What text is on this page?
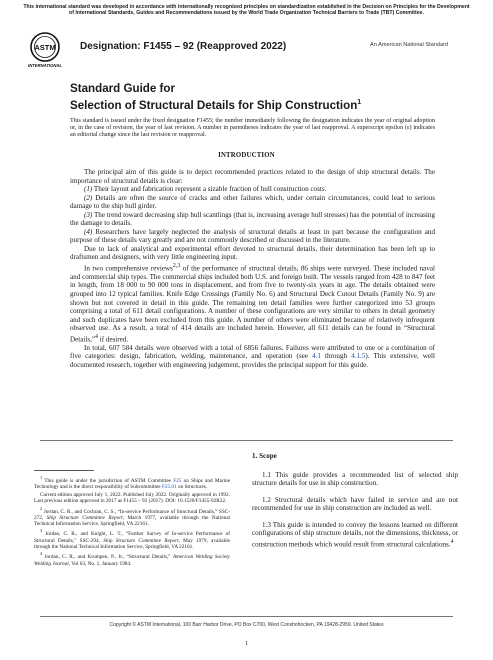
This international standard was developed in accordance with internationally recognized principles on standardization established in the Decision on Principles for the Development of International Standards, Guides and Recommendations issued by the World Trade Organization Technical Barriers to Trade (TBT) Committee.
ASTM
INTERNATIONAL
Designation: F1455 – 92 (Reapproved 2022)	An American National Standard
Standard Guide for
Selection of Structural Details for Ship Construction$^1$
This standard is issued under the fixed designation F1455; the number immediately following the designation indicates the year of original adoption or, in the case of revision, the year of last revision. A number in parentheses indicates the year of last reapproval. A superscript epsilon (ε) indicates an editorial change since the last revision or reapproval.
INTRODUCTION

The principal aim of this guide is to depict recommended practices related to the design of ship structural details. The importance of structural details is clear:

(1) Their layout and fabrication represent a sizable fraction of hull construction costs.

(2) Details are often the source of cracks and other failures which, under certain circumstances, could lead to serious damage to the ship hull girder.

(3) The trend toward decreasing ship hull scantlings (that is, increasing average hull stresses) has the potential of increasing the damage to details.

(4) Researchers have largely neglected the analysis of structural details at least in part because the configuration and purpose of these details vary greatly and are not commonly described or discussed in the literature.

Due to lack of analytical and experimental effort devoted to structural details, their determination has been left up to draftsmen and designers, with very little engineering input.

In two comprehensive reviews$^{2,3}$ of the performance of structural details, 86 ships were surveyed. These included naval and commercial ship types. The commercial ships included both U.S. and foreign built. The vessels ranged from 428 to 847 feet in length, from 18 000 to 90 000 tons in displacement, and from five to twenty-six years in age. The details obtained were grouped into 12 typical families. Knife Edge Crossings (Family No. 6) and Structural Deck Cutout Details (Family No. 9) are shown but not covered in detail in this guide. The remaining ten detail families were further categorized into 53 groups comprising a total of 611 detail configurations. A number of these configurations are very similar to others in detail geometry and such duplicates have been excluded from this guide. A number of others were eliminated because of relatively infrequent observed use. As a result, a total of 414 details are included herein. However, all 611 details can be found in “Structural Details,”$^4$ if desired.

In total, 607 584 details were observed with a total of 6856 failures. Failures were attributed to one or a combination of five categories: design, fabrication, welding, maintenance, and operation (see 4.1 through 4.1.5). This extensive, well documented research, together with engineering judgement, provides the principal support for this guide.

$^1$ This guide is under the jurisdiction of ASTM Committee F25 on Ships and Marine Technology and is the direct responsibility of Subcommittee F25.01 on Structures.

Current edition approved July 1, 2022. Published July 2022. Originally approved in 1992. Last previous edition approved in 2017 as F1455 – 92 (2017). DOI: 10.1520/F1455-92R22.

$^2$ Jordan, C. R., and Cochran, C. S., “In-service Performance of Structural Details,” SSC-272, Ship Structure Committee Report, March 1977, available through the National Technical Information Service, Springfield, VA 22161.

$^3$ Jordan, C. R., and Knight, L. T., “Further Survey of In-service Performance of Structural Details,” SSC-294, Ship Structure Committee Report, May 1979, available through the National Technical Information Service, Springfield, VA 22161.

$^4$ Jordan, C. R., and Krumpen, P., Jr., “Structural Details,” American Welding Society Welding Journal, Vol 63, No. 1, January 1984.

1. Scope

1.1 This guide provides a recommended list of selected ship structure details for use in ship construction.

1.2 Structural details which have failed in service and are not recommended for use in ship construction are included as well.

1.3 This guide is intended to convey the lessons learned on different configurations of ship structure details, not the dimensions, thickness, or construction methods which would result from structural calculations.$^4$

Copyright © ASTM International, 100 Barr Harbor Drive, PO Box C700, West Conshohocken, PA 19428-2959. United States
1
